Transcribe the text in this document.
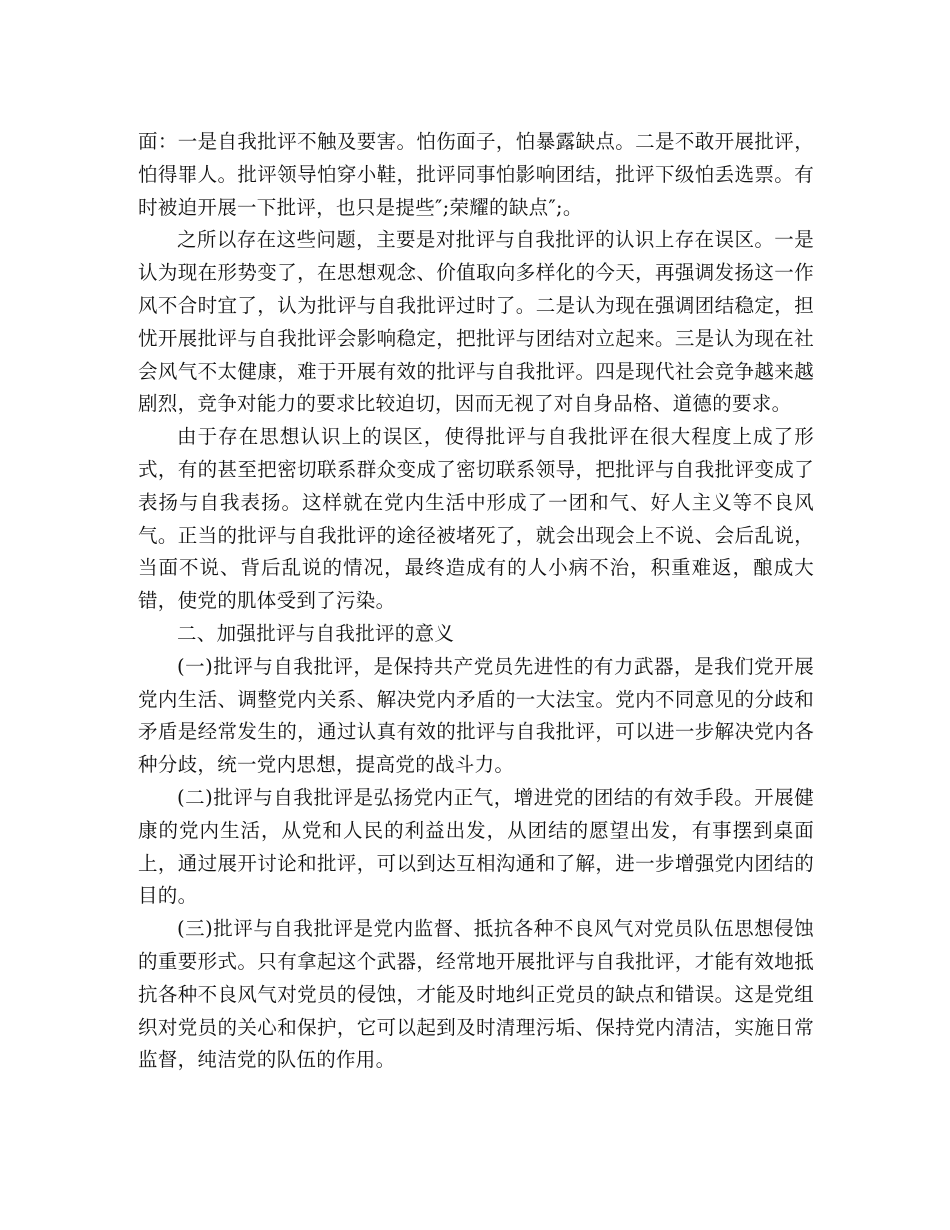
面：一是自我批评不触及要害。怕伤面子，怕暴露缺点。二是不敢开展批评，怕得罪人。批评领导怕穿小鞋，批评同事怕影响团结，批评下级怕丢选票。有时被迫开展一下批评，也只是提些″;荣耀的缺点″;。

之所以存在这些问题，主要是对批评与自我批评的认识上存在误区。一是认为现在形势变了，在思想观念、价值取向多样化的今天，再强调发扬这一作风不合时宜了，认为批评与自我批评过时了。二是认为现在强调团结稳定，担忧开展批评与自我批评会影响稳定，把批评与团结对立起来。三是认为现在社会风气不太健康，难于开展有效的批评与自我批评。四是现代社会竞争越来越剧烈，竞争对能力的要求比较迫切，因而无视了对自身品格、道德的要求。

由于存在思想认识上的误区，使得批评与自我批评在很大程度上成了形式，有的甚至把密切联系群众变成了密切联系领导，把批评与自我批评变成了表扬与自我表扬。这样就在党内生活中形成了一团和气、好人主义等不良风气。正当的批评与自我批评的途径被堵死了，就会出现会上不说、会后乱说，当面不说、背后乱说的情况，最终造成有的人小病不治，积重难返，酿成大错，使党的肌体受到了污染。

二、加强批评与自我批评的意义

(一)批评与自我批评，是保持共产党员先进性的有力武器，是我们党开展党内生活、调整党内关系、解决党内矛盾的一大法宝。党内不同意见的分歧和矛盾是经常发生的，通过认真有效的批评与自我批评，可以进一步解决党内各种分歧，统一党内思想，提高党的战斗力。

(二)批评与自我批评是弘扬党内正气，增进党的团结的有效手段。开展健康的党内生活，从党和人民的利益出发，从团结的愿望出发，有事摆到桌面上，通过展开讨论和批评，可以到达互相沟通和了解，进一步增强党内团结的目的。

(三)批评与自我批评是党内监督、抵抗各种不良风气对党员队伍思想侵蚀的重要形式。只有拿起这个武器，经常地开展批评与自我批评，才能有效地抵抗各种不良风气对党员的侵蚀，才能及时地纠正党员的缺点和错误。这是党组织对党员的关心和保护，它可以起到及时清理污垢、保持党内清洁，实施日常监督，纯洁党的队伍的作用。
